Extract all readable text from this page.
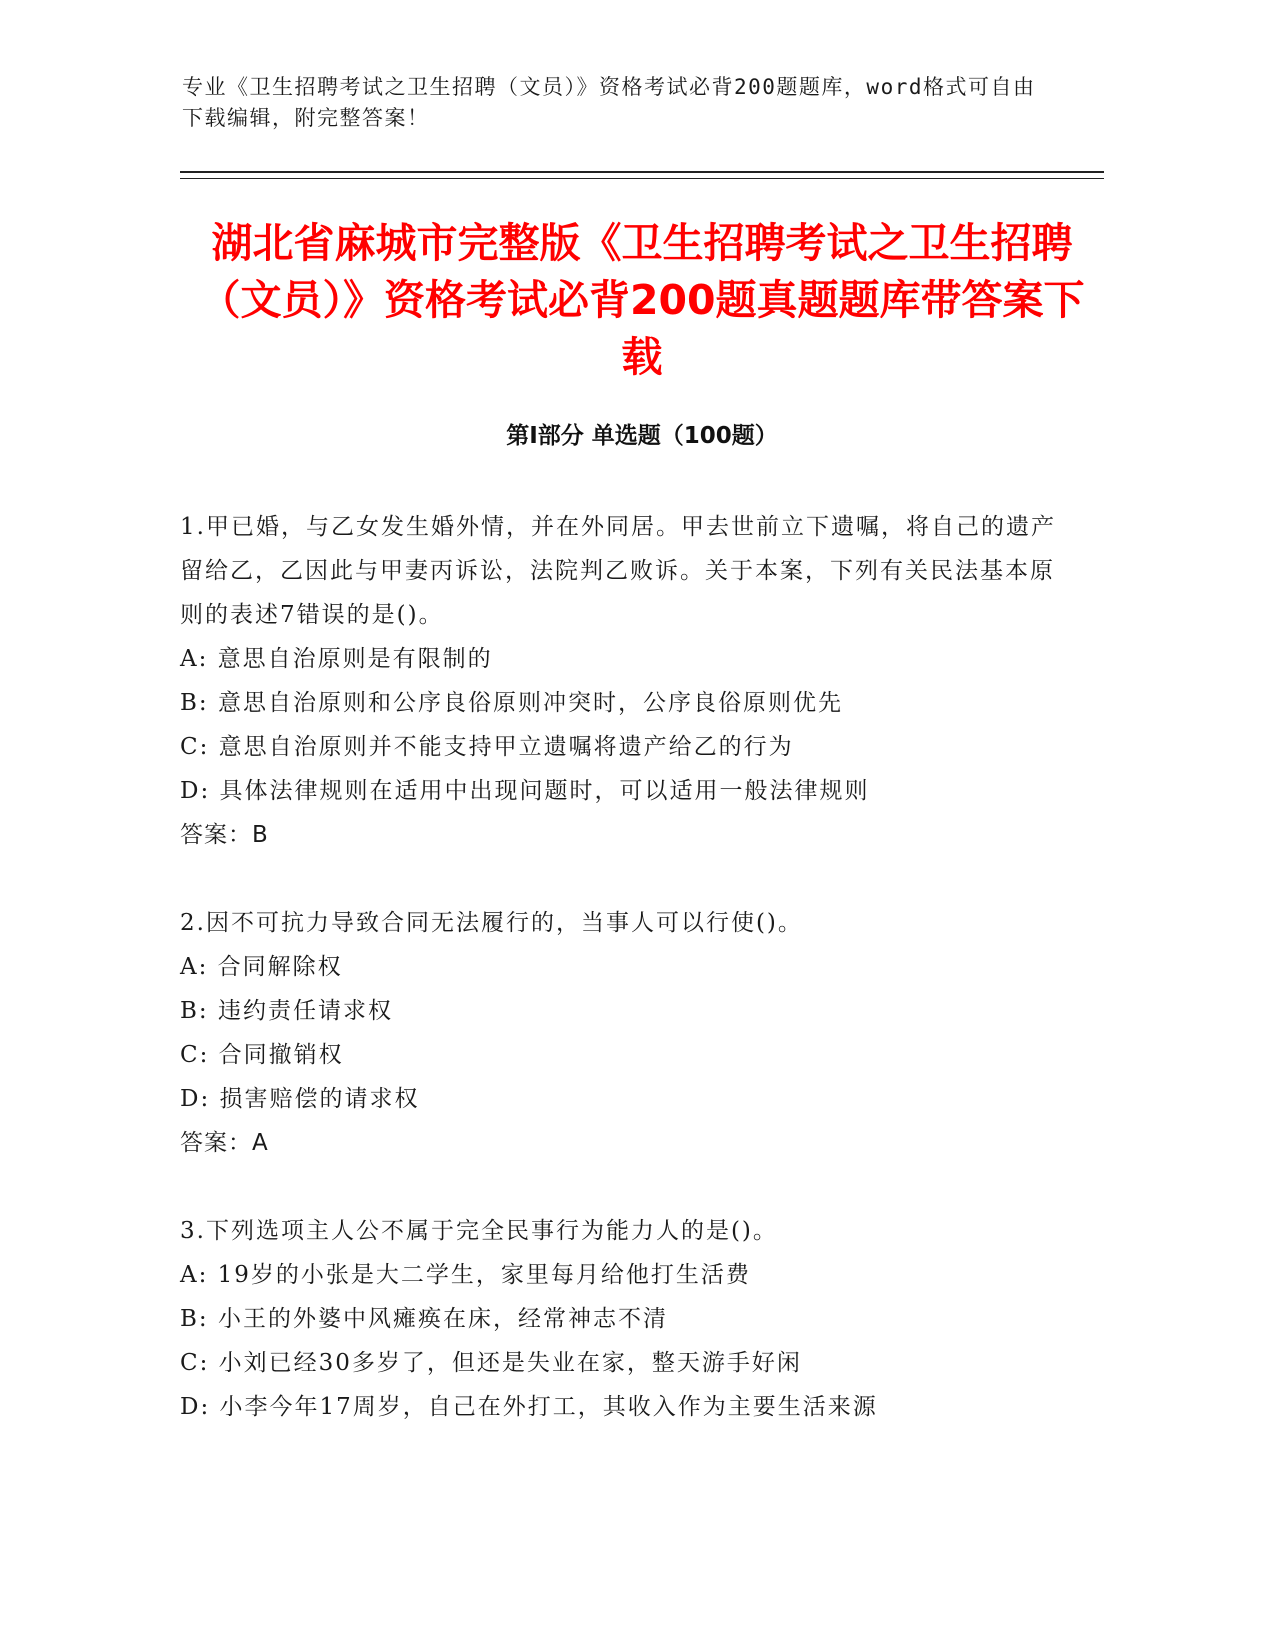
专业《卫生招聘考试之卫生招聘（文员）》资格考试必背200题题库，word格式可自由下载编辑，附完整答案！
湖北省麻城市完整版《卫生招聘考试之卫生招聘（文员）》资格考试必背200题真题题库带答案下载
第I部分 单选题（100题）

1.甲已婚，与乙女发生婚外情，并在外同居。甲去世前立下遗嘱，将自己的遗产留给乙，乙因此与甲妻丙诉讼，法院判乙败诉。关于本案，下列有关民法基本原则的表述7错误的是()。

A: 意思自治原则是有限制的

B: 意思自治原则和公序良俗原则冲突时，公序良俗原则优先

C: 意思自治原则并不能支持甲立遗嘱将遗产给乙的行为

D: 具体法律规则在适用中出现问题时，可以适用一般法律规则

答案：B

2.因不可抗力导致合同无法履行的，当事人可以行使()。

A: 合同解除权

B: 违约责任请求权

C: 合同撤销权

D: 损害赔偿的请求权

答案：A

3.下列选项主人公不属于完全民事行为能力人的是()。

A: 19岁的小张是大二学生，家里每月给他打生活费

B: 小王的外婆中风瘫痪在床，经常神志不清

C: 小刘已经30多岁了，但还是失业在家，整天游手好闲

D: 小李今年17周岁，自己在外打工，其收入作为主要生活来源
